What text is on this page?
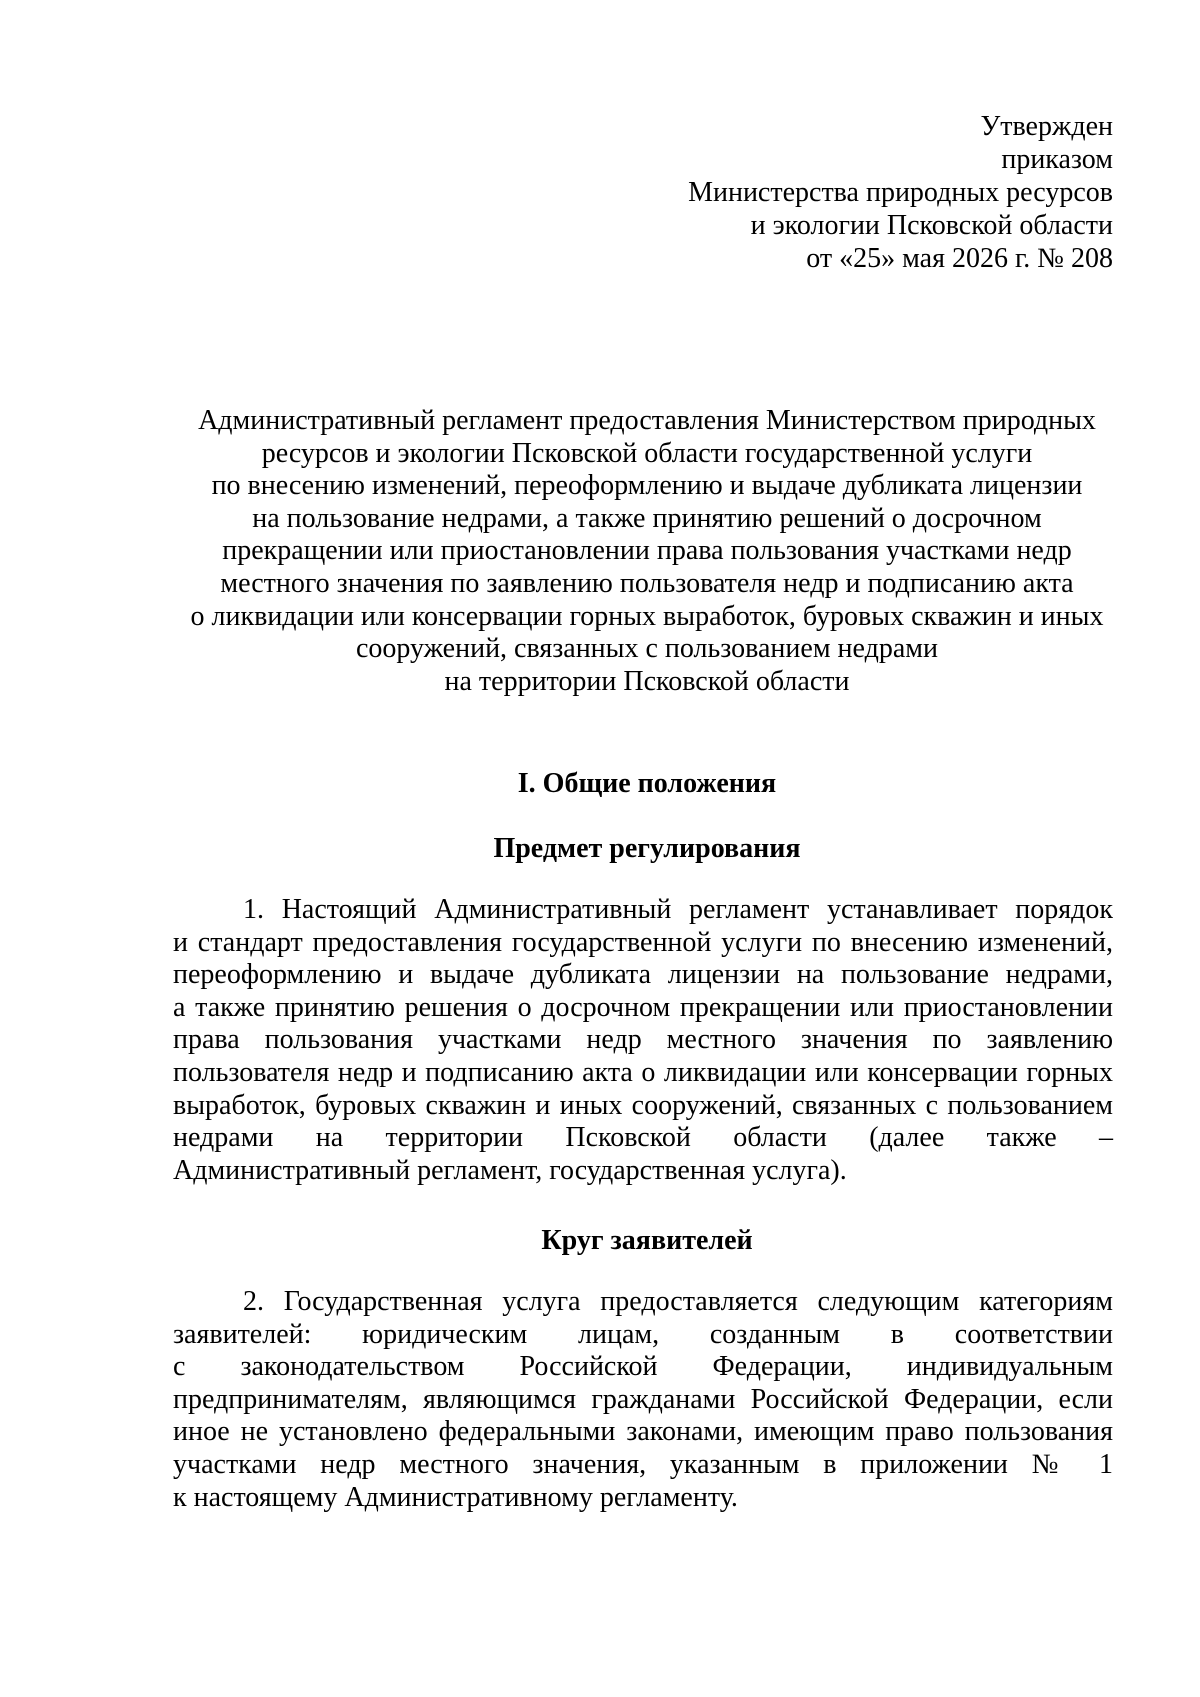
Утвержден
приказом
Министерства природных ресурсов
и экологии Псковской области
от «25» мая 2026 г. № 208
Административный регламент предоставления Министерством природных
ресурсов и экологии Псковской области государственной услуги
по внесению изменений, переоформлению и выдаче дубликата лицензии
на пользование недрами, а также принятию решений о досрочном
прекращении или приостановлении права пользования участками недр
местного значения по заявлению пользователя недр и подписанию акта
о ликвидации или консервации горных выработок, буровых скважин и иных
сооружений, связанных с пользованием недрами
на территории Псковской области
I. Общие положения
Предмет регулирования
1. Настоящий Административный регламент устанавливает порядок
и стандарт предоставления государственной услуги по внесению изменений,
переоформлению и выдаче дубликата лицензии на пользование недрами,
а также принятию решения о досрочном прекращении или приостановлении
права пользования участками недр местного значения по заявлению
пользователя недр и подписанию акта о ликвидации или консервации горных
выработок, буровых скважин и иных сооружений, связанных с пользованием
недрами на территории Псковской области (далее также –
Административный регламент, государственная услуга).
Круг заявителей
2. Государственная услуга предоставляется следующим категориям
заявителей: юридическим лицам, созданным в соответствии
с законодательством Российской Федерации, индивидуальным
предпринимателям, являющимся гражданами Российской Федерации, если
иное не установлено федеральными законами, имеющим право пользования
участками недр местного значения, указанным в приложении № 1
к настоящему Административному регламенту.
